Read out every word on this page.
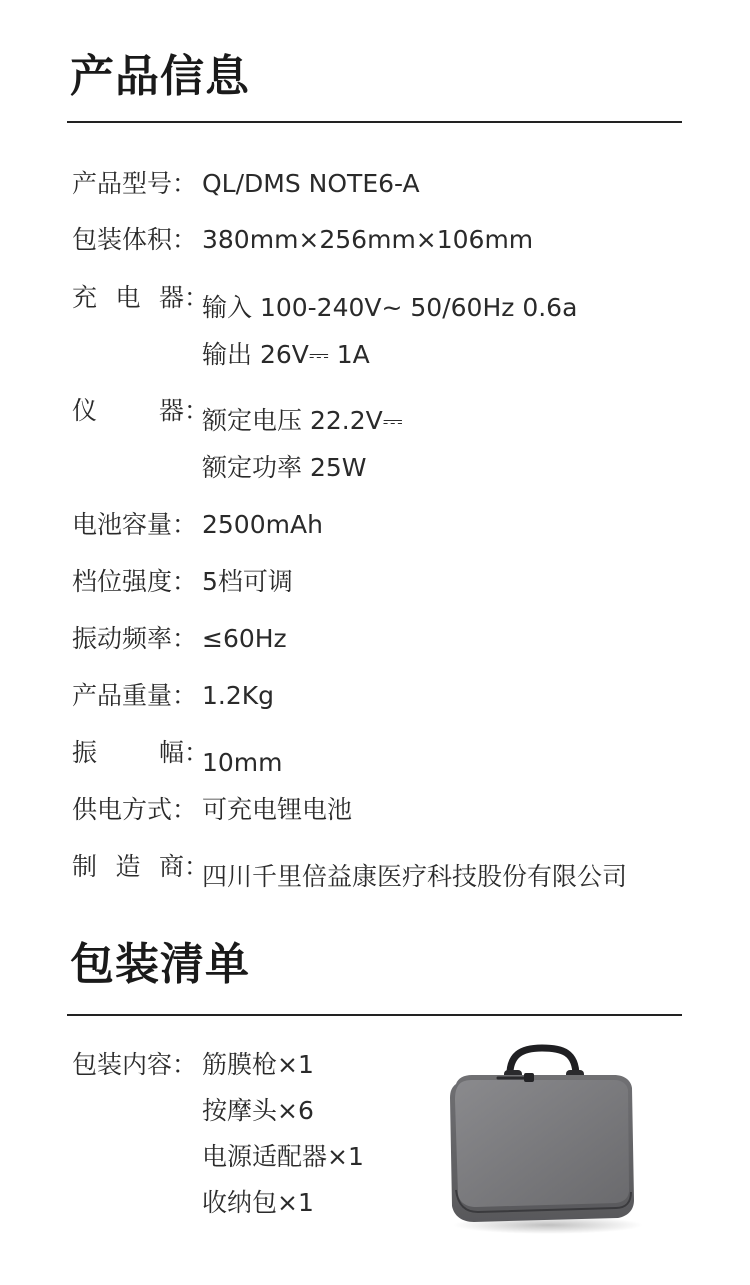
产品信息
产品型号： QL/DMS NOTE6-A
包装体积： 380mm×256mm×106mm
充 电 器 ：
输入 100-240V~ 50/60Hz 0.6a
输出 26V⎓ 1A
仪 器 ：
额定电压 22.2V⎓
额定功率 25W
电池容量： 2500mAh
档位强度： 5档可调
振动频率： ≤60Hz
产品重量： 1.2Kg
振 幅 ：
10mm
供电方式： 可充电锂电池
制 造 商 ：
四川千里倍益康医疗科技股份有限公司
包装清单
包装内容： 筋膜枪×1
按摩头×6
电源适配器×1
收纳包×1
